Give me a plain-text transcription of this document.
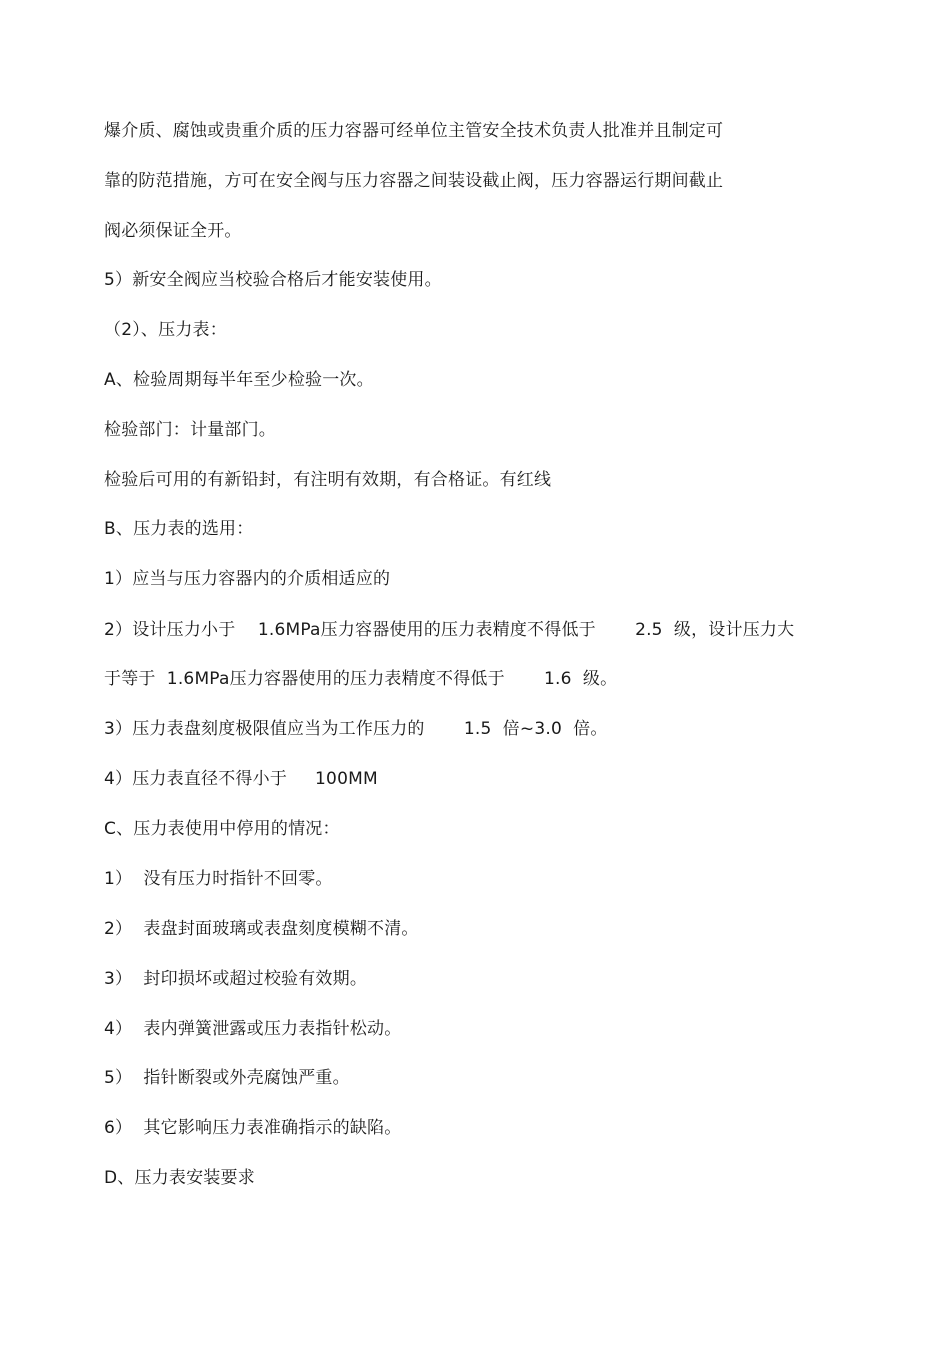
爆介质、腐蚀或贵重介质的压力容器可经单位主管安全技术负责人批准并且制定可
靠的防范措施，方可在安全阀与压力容器之间装设截止阀，压力容器运行期间截止
阀必须保证全开。
5）新安全阀应当校验合格后才能安装使用。
（2）、压力表：
A、检验周期每半年至少检验一次。
检验部门：计量部门。
检验后可用的有新铅封，有注明有效期，有合格证。有红线
B、压力表的选用：
1）应当与压力容器内的介质相适应的
2）设计压力小于    1.6MPa压力容器使用的压力表精度不得低于       2.5  级，设计压力大
于等于  1.6MPa压力容器使用的压力表精度不得低于       1.6  级。
3）压力表盘刻度极限值应当为工作压力的       1.5  倍~3.0  倍。
4）压力表直径不得小于     100MM
C、压力表使用中停用的情况：
1）  没有压力时指针不回零。
2）  表盘封面玻璃或表盘刻度模糊不清。
3）  封印损坏或超过校验有效期。
4）  表内弹簧泄露或压力表指针松动。
5）  指针断裂或外壳腐蚀严重。
6）  其它影响压力表准确指示的缺陷。
D、压力表安装要求
